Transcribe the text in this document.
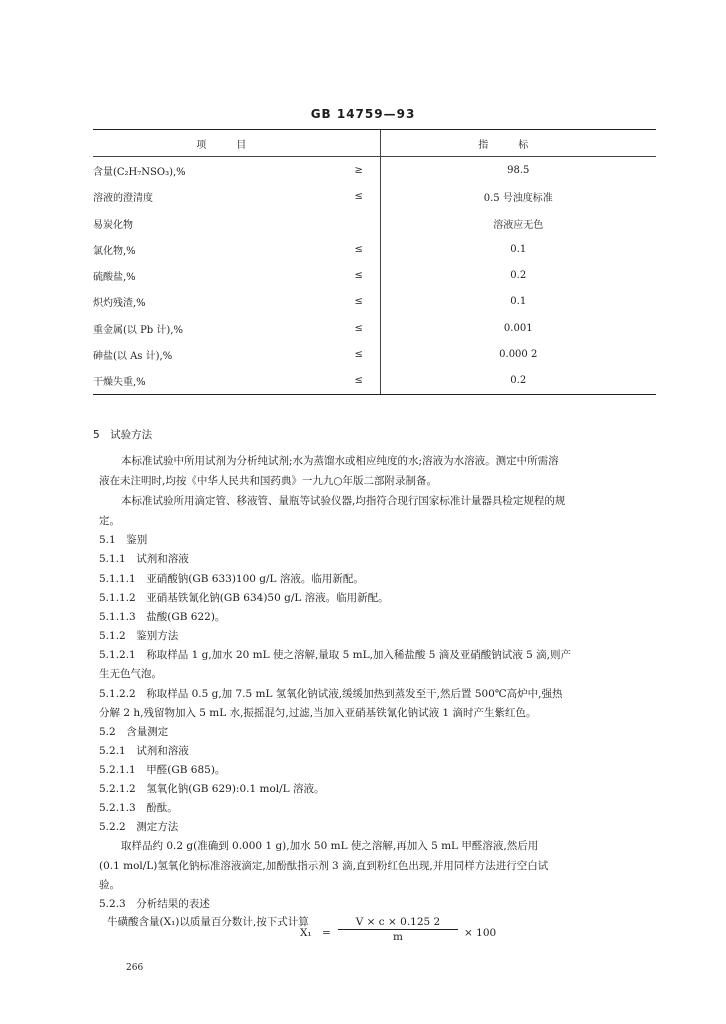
GB 14759—93
项目		指标
含量(C₂H₇NSO₃),%	≥	98.5
溶液的澄清度	≤	0.5 号浊度标准
易炭化物		溶液应无色
氯化物,%	≤	0.1
硫酸盐,%	≤	0.2
炽灼残渣,%	≤	0.1
重金属(以 Pb 计),%	≤	0.001
砷盐(以 As 计),%	≤	0.000 2
干燥失重,%	≤	0.2
5　试验方法
本标准试验中所用试剂为分析纯试剂;水为蒸馏水或相应纯度的水;溶液为水溶液。测定中所需溶
液在未注明时,均按《中华人民共和国药典》一九九○年版二部附录制备。
本标准试验所用滴定管、移液管、量瓶等试验仪器,均指符合现行国家标准计量器具检定规程的规
定。
5.1　鉴别
5.1.1　试剂和溶液
5.1.1.1　亚硝酸钠(GB 633)100 g/L 溶液。临用新配。
5.1.1.2　亚硝基铁氰化钠(GB 634)50 g/L 溶液。临用新配。
5.1.1.3　盐酸(GB 622)。
5.1.2　鉴别方法
5.1.2.1　称取样品 1 g,加水 20 mL 使之溶解,量取 5 mL,加入稀盐酸 5 滴及亚硝酸钠试液 5 滴,则产
生无色气泡。
5.1.2.2　称取样品 0.5 g,加 7.5 mL 氢氧化钠试液,缓缓加热到蒸发至干,然后置 500℃高炉中,强热
分解 2 h,残留物加入 5 mL 水,振摇混匀,过滤,当加入亚硝基铁氰化钠试液 1 滴时产生紫红色。
5.2　含量测定
5.2.1　试剂和溶液
5.2.1.1　甲醛(GB 685)。
5.2.1.2　氢氧化钠(GB 629):0.1 mol/L 溶液。
5.2.1.3　酚酞。
5.2.2　测定方法
取样品约 0.2 g(准确到 0.000 1 g),加水 50 mL 使之溶解,再加入 5 mL 甲醛溶液,然后用
(0.1 mol/L)氢氧化钠标准溶液滴定,加酚酞指示剂 3 滴,直到粉红色出现,并用同样方法进行空白试
验。
5.2.3　分析结果的表述
牛磺酸含量(X₁)以质量百分数计,按下式计算
$X_1 = \frac{V \times c \times 0.125 2}{m} \times 100$
266
